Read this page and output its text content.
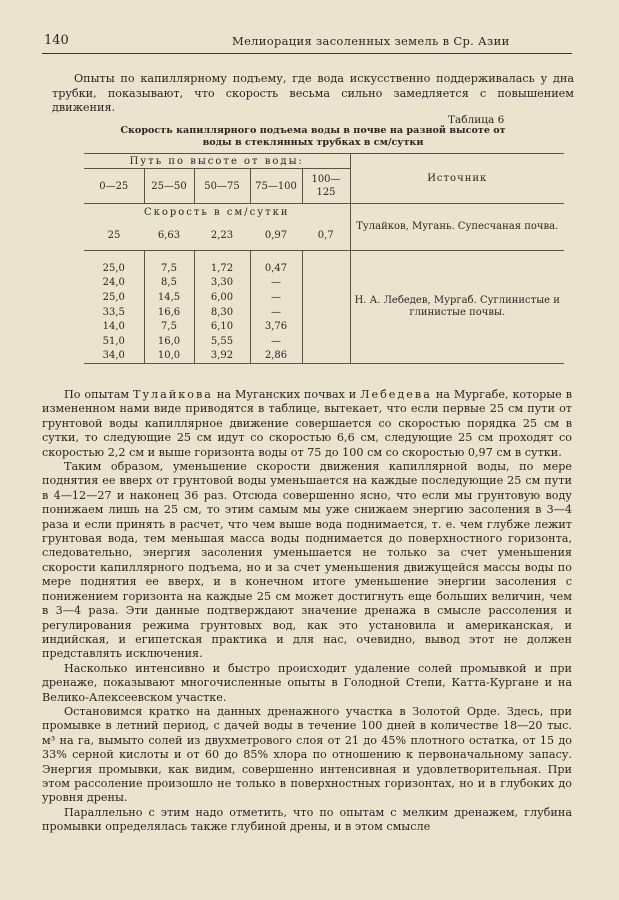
140	Мелиорация засоленных земель в Ср. Азии

Опыты по капиллярному подъему, где вода искусственно поддерживалась у дна трубки, показывают, что скорость весьма сильно замедляется с повышением движения.

Таблица 6
Скорость капиллярного подъема воды в почве на разной высоте от воды в стеклянных трубках в см/сутки
Путь по высоте от воды:					Источник
0—25	25—50	50—75	75—100	100—125	
Скорость в см/сутки					Тулайков, Мугань. Супесчаная почва.
25	6,63	2,23	0,97	0,7	
					Н. А. Лебедев, Мургаб. Суглинистые и глинистые почвы.
25,0	7,5	1,72	0,47		
24,0	8,5	3,30	—		
25,0	14,5	6,00	—		
33,5	16,6	8,30	—		
14,0	7,5	6,10	3,76		
51,0	16,0	5,55	—		
34,0	10,0	3,92	2,86		

По опытам Тулайкова на Муганских почвах и Лебедева на Мургабе, которые в измененном нами виде приводятся в таблице, вытекает, что если первые 25 см пути от грунтовой воды капиллярное движение совершается со скоростью порядка 25 см в сутки, то следующие 25 см идут со скоростью 6,6 см, следующие 25 см проходят со скоростью 2,2 см и выше горизонта воды от 75 до 100 см со скоростью 0,97 см в сутки.

Таким образом, уменьшение скорости движения капиллярной воды, по мере поднятия ее вверх от грунтовой воды уменьшается на каждые последующие 25 см пути в 4—12—27 и наконец 36 раз. Отсюда совершенно ясно, что если мы грунтовую воду понижаем лишь на 25 см, то этим самым мы уже снижаем энергию засоления в 3—4 раза и если принять в расчет, что чем выше вода поднимается, т. е. чем глубже лежит грунтовая вода, тем меньшая масса воды поднимается до поверхностного горизонта, следовательно, энергия засоления уменьшается не только за счет уменьшения скорости капиллярного подъема, но и за счет уменьшения движущейся массы воды по мере поднятия ее вверх, и в конечном итоге уменьшение энергии засоления с понижением горизонта на каждые 25 см может достигнуть еще больших величин, чем в 3—4 раза. Эти данные подтверждают значение дренажа в смысле рассоления и регулирования режима грунтовых вод, как это установила и американская, и индийская, и египетская практика и для нас, очевидно, вывод этот не должен представлять исключения.

Насколько интенсивно и быстро происходит удаление солей промывкой и при дренаже, показывают многочисленные опыты в Голодной Степи, Катта-Кургане и на Велико-Алексеевском участке.

Остановимся кратко на данных дренажного участка в Золотой Орде. Здесь, при промывке в летний период, с дачей воды в течение 100 дней в количестве 18—20 тыс. м³ на га, вымыто солей из двухметрового слоя от 21 до 45% плотного остатка, от 15 до 33% серной кислоты и от 60 до 85% хлора по отношению к первоначальному запасу. Энергия промывки, как видим, совершенно интенсивная и удовлетворительная. При этом рассоление произошло не только в поверхностных горизонтах, но и в глубоких до уровня дрены.

Параллельно с этим надо отметить, что по опытам с мелким дренажем, глубина промывки определялась также глубиной дрены, и в этом смысле
